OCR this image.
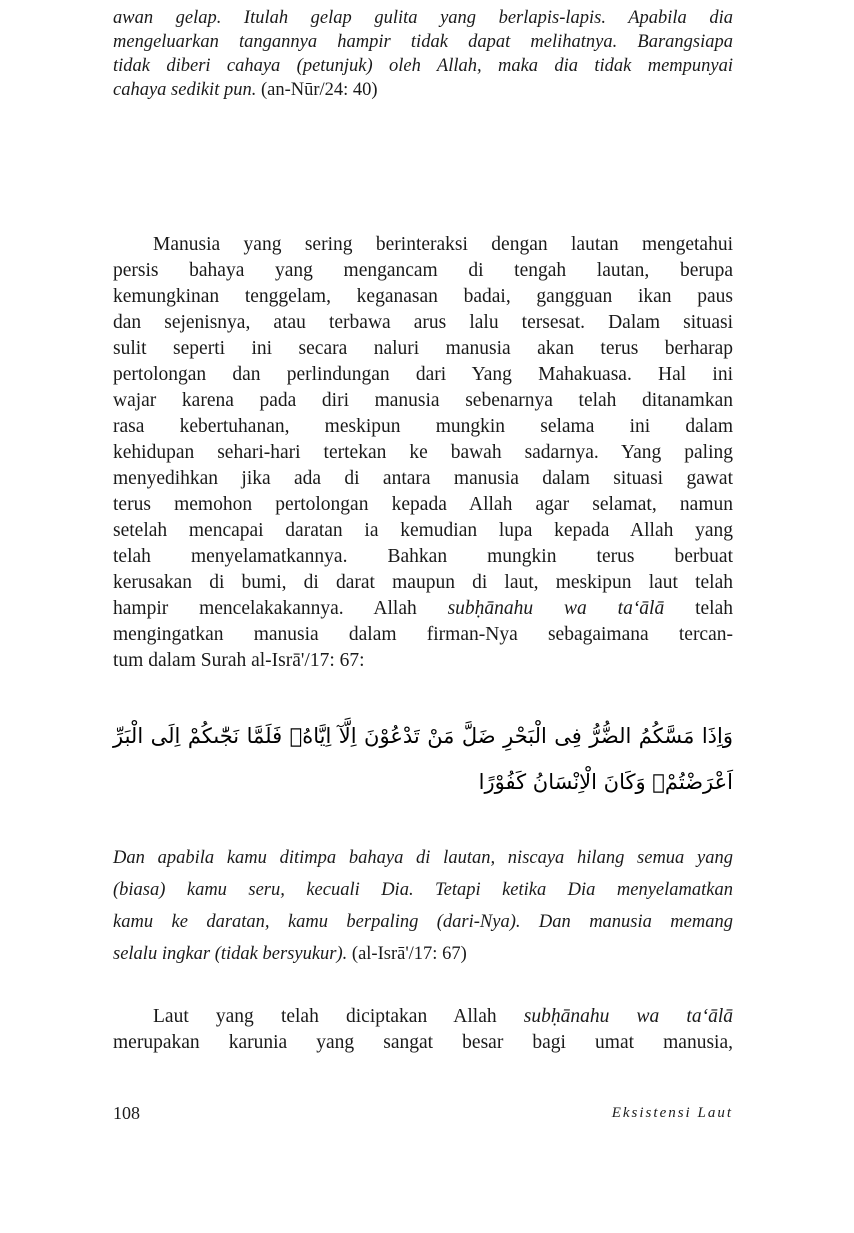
awan gelap. Itulah gelap gulita yang berlapis-lapis. Apabila dia
mengeluarkan tangannya hampir tidak dapat melihatnya. Barangsiapa
tidak diberi cahaya (petunjuk) oleh Allah, maka dia tidak mempunyai
cahaya sedikit pun. (an-Nūr/24: 40)
Manusia yang sering berinteraksi dengan lautan mengetahui
persis bahaya yang mengancam di tengah lautan, berupa
kemungkinan tenggelam, keganasan badai, gangguan ikan paus
dan sejenisnya, atau terbawa arus lalu tersesat. Dalam situasi
sulit seperti ini secara naluri manusia akan terus berharap
pertolongan dan perlindungan dari Yang Mahakuasa. Hal ini
wajar karena pada diri manusia sebenarnya telah ditanamkan
rasa kebertuhanan, meskipun mungkin selama ini dalam
kehidupan sehari-hari tertekan ke bawah sadarnya. Yang paling
menyedihkan jika ada di antara manusia dalam situasi gawat
terus memohon pertolongan kepada Allah agar selamat, namun
setelah mencapai daratan ia kemudian lupa kepada Allah yang
telah menyelamatkannya. Bahkan mungkin terus berbuat
kerusakan di bumi, di darat maupun di laut, meskipun laut telah
hampir mencelakakannya. Allah subḥānahu wa ta‘ālā telah
mengingatkan manusia dalam firman-Nya sebagaimana tercan-
tum dalam Surah al-Isrā'/17: 67:
وَاِذَا مَسَّكُمُ الضُّرُّ فِى الْبَحْرِ ضَلَّ مَنْ تَدْعُوْنَ اِلَّآ اِيَّاهُۚ فَلَمَّا نَجّٰىكُمْ اِلَى الْبَرِّ
اَعْرَضْتُمْۗ وَكَانَ الْاِنْسَانُ كَفُوْرًا
Dan apabila kamu ditimpa bahaya di lautan, niscaya hilang semua yang
(biasa) kamu seru, kecuali Dia. Tetapi ketika Dia menyelamatkan
kamu ke daratan, kamu berpaling (dari-Nya). Dan manusia memang
selalu ingkar (tidak bersyukur). (al-Isrā'/17: 67)
Laut yang telah diciptakan Allah subḥānahu wa ta‘ālā
merupakan karunia yang sangat besar bagi umat manusia,
108	Eksistensi Laut
